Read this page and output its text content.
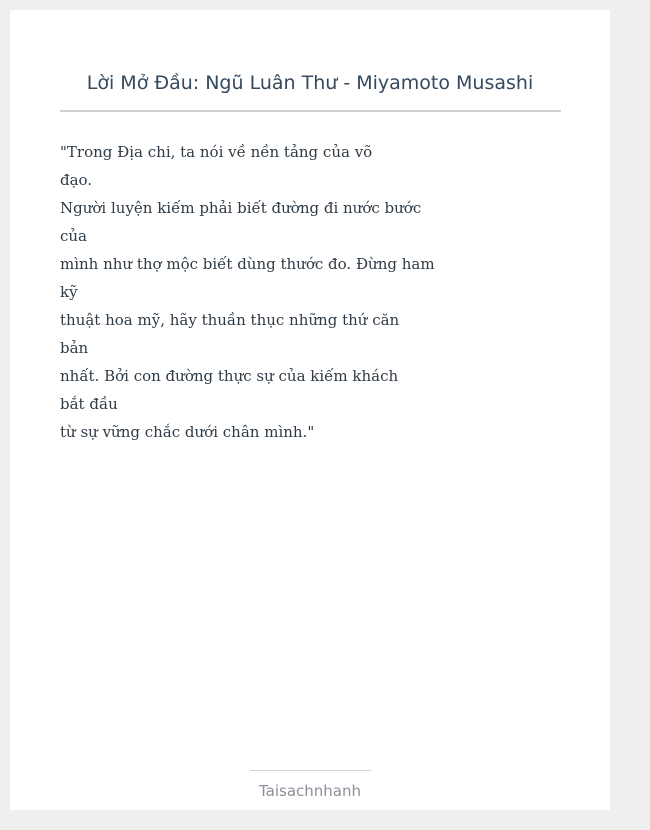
Lời Mở Đầu: Ngũ Luân Thư - Miyamoto Musashi
"Trong Địa chi, ta nói về nền tảng của võ
đạo.
Người luyện kiếm phải biết đường đi nước bước
của
mình như thợ mộc biết dùng thước đo. Đừng ham
kỹ
thuật hoa mỹ, hãy thuần thục những thứ căn
bản
nhất. Bởi con đường thực sự của kiếm khách
bắt đầu
từ sự vững chắc dưới chân mình."
Taisachnhanh
